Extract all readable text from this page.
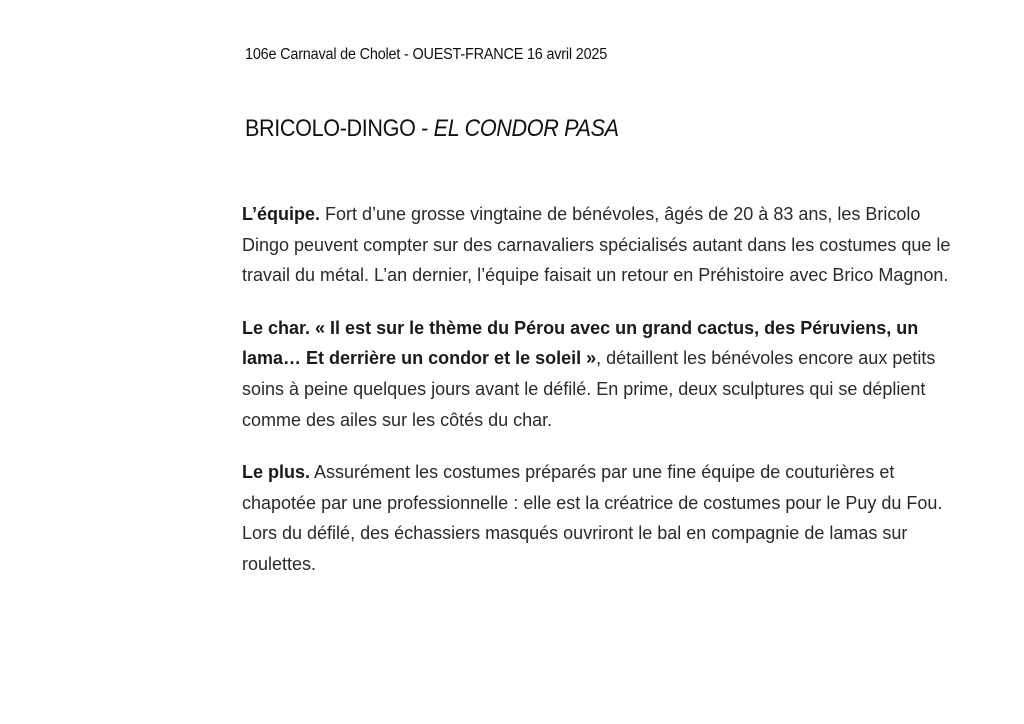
106e Carnaval de Cholet - OUEST-FRANCE 16 avril 2025
BRICOLO-DINGO - EL CONDOR PASA

L’équipe. Fort d’une grosse vingtaine de bénévoles, âgés de 20 à 83 ans, les Bricolo Dingo peuvent compter sur des carnavaliers spécialisés autant dans les costumes que le travail du métal. L’an dernier, l’équipe faisait un retour en Préhistoire avec Brico Magnon.

Le char. « Il est sur le thème du Pérou avec un grand cactus, des Péruviens, un lama… Et derrière un condor et le soleil », détaillent les bénévoles encore aux petits soins à peine quelques jours avant le défilé. En prime, deux sculptures qui se déplient comme des ailes sur les côtés du char.

Le plus. Assurément les costumes préparés par une fine équipe de couturières et chapotée par une professionnelle : elle est la créatrice de costumes pour le Puy du Fou. Lors du défilé, des échassiers masqués ouvriront le bal en compagnie de lamas sur roulettes.
